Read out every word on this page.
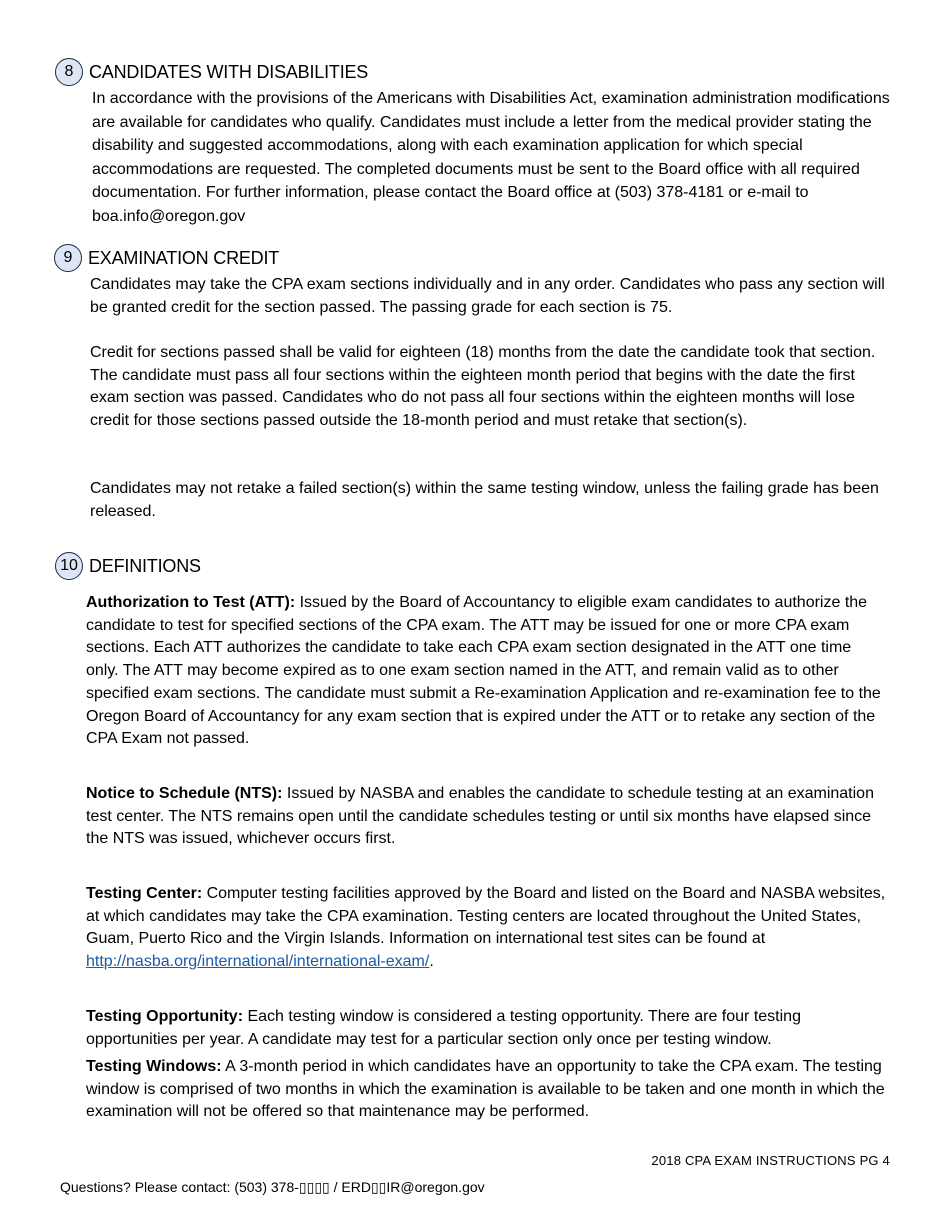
8 CANDIDATES WITH DISABILITIES

In accordance with the provisions of the Americans with Disabilities Act, examination administration modifications are available for candidates who qualify. Candidates must include a letter from the medical provider stating the disability and suggested accommodations, along with each examination application for which special accommodations are requested. The completed documents must be sent to the Board office with all required documentation. For further information, please contact the Board office at (503) 378-4181 or e-mail to boa.info@oregon.gov

9 EXAMINATION CREDIT

Candidates may take the CPA exam sections individually and in any order. Candidates who pass any section will be granted credit for the section passed. The passing grade for each section is 75.

Credit for sections passed shall be valid for eighteen (18) months from the date the candidate took that section. The candidate must pass all four sections within the eighteen month period that begins with the date the first exam section was passed. Candidates who do not pass all four sections within the eighteen months will lose credit for those sections passed outside the 18-month period and must retake that section(s).

Candidates may not retake a failed section(s) within the same testing window, unless the failing grade has been released.

10 DEFINITIONS

Authorization to Test (ATT): Issued by the Board of Accountancy to eligible exam candidates to authorize the candidate to test for specified sections of the CPA exam. The ATT may be issued for one or more CPA exam sections. Each ATT authorizes the candidate to take each CPA exam section designated in the ATT one time only. The ATT may become expired as to one exam section named in the ATT, and remain valid as to other specified exam sections. The candidate must submit a Re-examination Application and re-examination fee to the Oregon Board of Accountancy for any exam section that is expired under the ATT or to retake any section of the CPA Exam not passed.

Notice to Schedule (NTS): Issued by NASBA and enables the candidate to schedule testing at an examination test center. The NTS remains open until the candidate schedules testing or until six months have elapsed since the NTS was issued, whichever occurs first.

Testing Center: Computer testing facilities approved by the Board and listed on the Board and NASBA websites, at which candidates may take the CPA examination. Testing centers are located throughout the United States, Guam, Puerto Rico and the Virgin Islands. Information on international test sites can be found at http://nasba.org/international/international-exam/.

Testing Opportunity: Each testing window is considered a testing opportunity. There are four testing opportunities per year. A candidate may test for a particular section only once per testing window.

Testing Windows: A 3-month period in which candidates have an opportunity to take the CPA exam. The testing window is comprised of two months in which the examination is available to be taken and one month in which the examination will not be offered so that maintenance may be performed.

2018 CPA EXAM INSTRUCTIONS PG 4
Questions? Please contact: (503) 378-▯▯▯▯ / ERD▯▯IR@oregon.gov
